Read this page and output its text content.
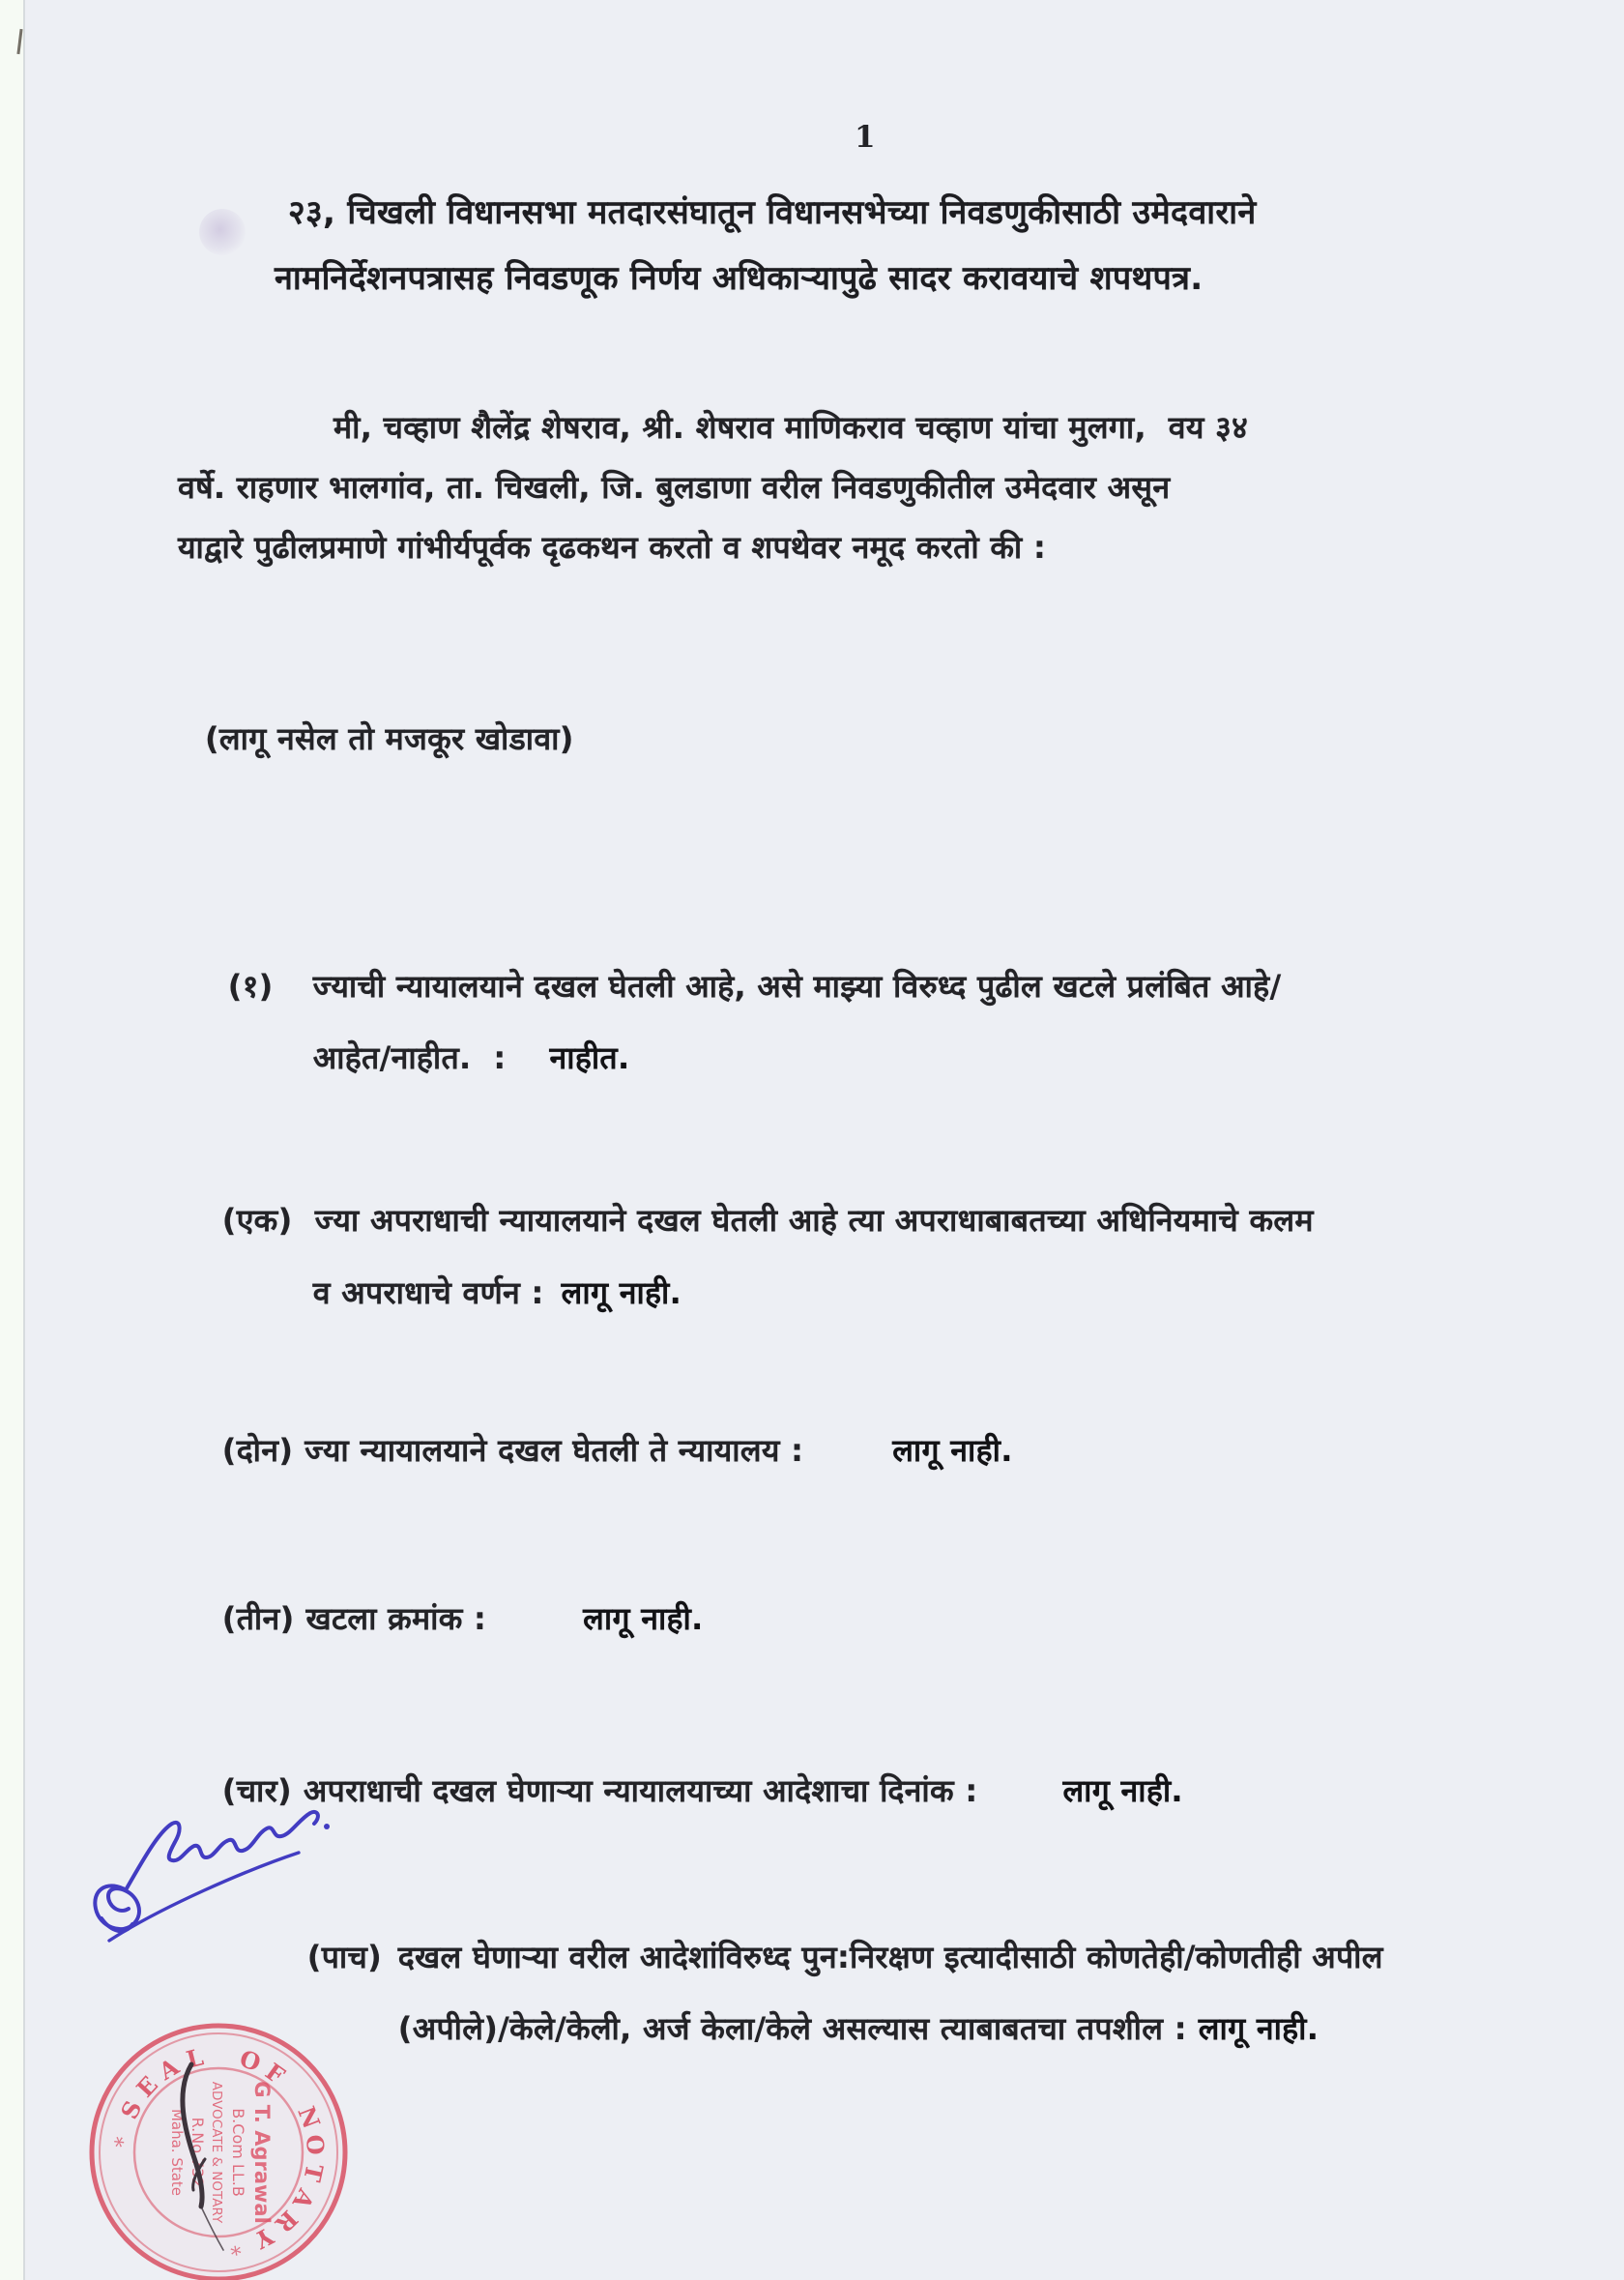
1
२३, चिखली विधानसभा मतदारसंघातून विधानसभेच्या निवडणुकीसाठी उमेदवाराने
नामनिर्देशनपत्रासह निवडणूक निर्णय अधिकाऱ्यापुढे सादर करावयाचे शपथपत्र.
मी, चव्हाण शैलेंद्र शेषराव, श्री. शेषराव माणिकराव चव्हाण यांचा मुलगा,  वय ३४
वर्षे. राहणार भालगांव, ता. चिखली, जि. बुलडाणा वरील निवडणुकीतील उमेदवार असून
याद्वारे पुढीलप्रमाणे गांभीर्यपूर्वक दृढकथन करतो व शपथेवर नमूद करतो की :
(लागू नसेल तो मजकूर खोडावा)

(१) ज्याची न्यायालयाने दखल घेतली आहे, असे माझ्या विरुध्द पुढील खटले प्रलंबित आहे/

आहेत/नाहीत.  : नाहीत.

(एक) ज्या अपराधाची न्यायालयाने दखल घेतली आहे त्या अपराधाबाबतच्या अधिनियमाचे कलम

व अपराधाचे वर्णन : लागू नाही.

(दोन) ज्या न्यायालयाने दखल घेतली ते न्यायालय :	लागू नाही.

(तीन) खटला क्रमांक :	लागू नाही.

(चार) अपराधाची दखल घेणाऱ्या न्यायालयाच्या आदेशाचा दिनांक :	लागू नाही.

(पाच) दखल घेणाऱ्या वरील आदेशांविरुध्द पुन:निरक्षण इत्यादीसाठी कोणतेही/कोणतीही अपील

(अपीले)/केले/केली, अर्ज केला/केले असल्यास त्याबाबतचा तपशील : लागू नाही.

S
E
A L O
F
N
O
T
A
R
Y
*
*
G T. Agrawal
B.Com LL.B
ADVOCATE & NOTARY
R.No.732
Maha. State
